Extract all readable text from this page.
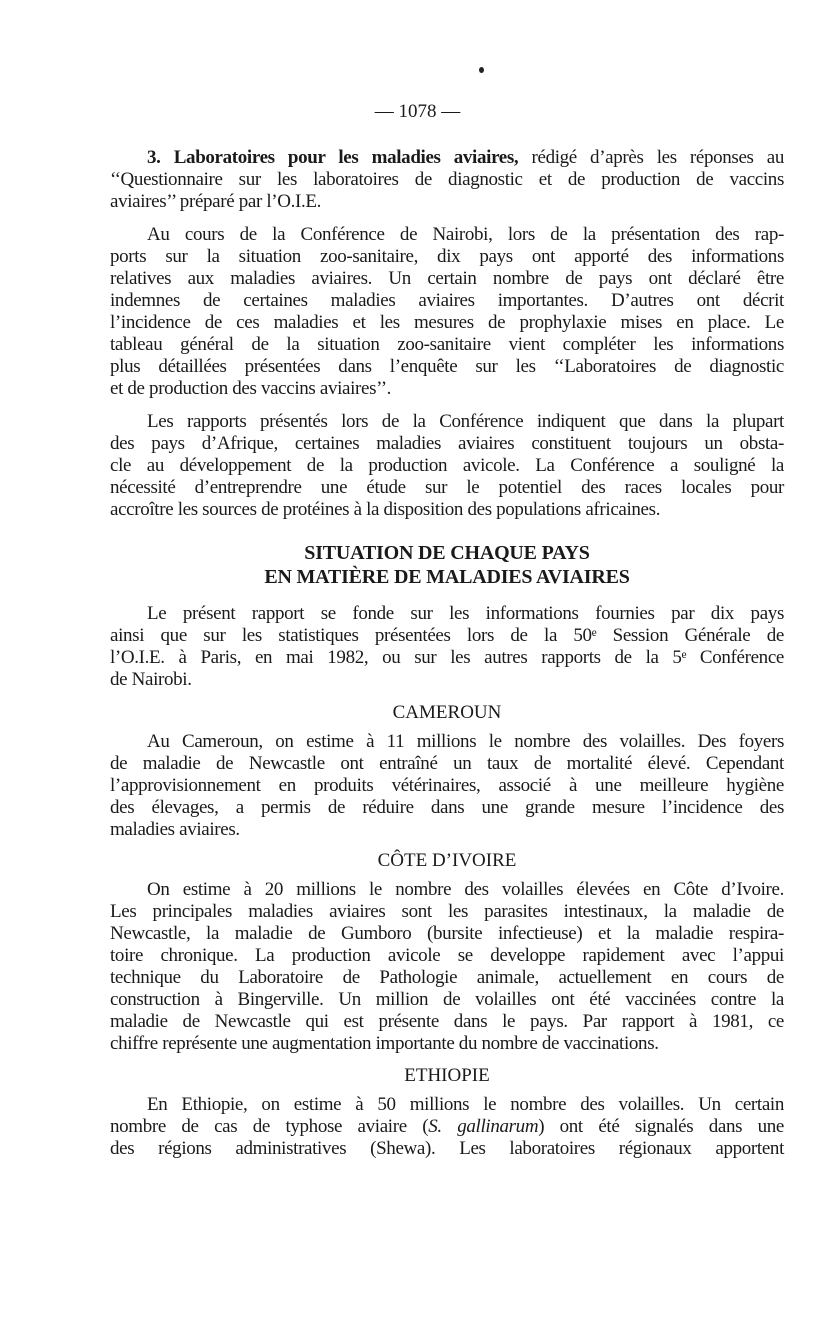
— 1078 —
SITUATION DE CHAQUE PAYS
EN MATIÈRE DE MALADIES AVIAIRES
CAMEROUN
CÔTE D’IVOIRE
ETHIOPIE
3. Laboratoires pour les maladies aviaires, rédigé d’après les réponses au
‘‘Questionnaire sur les laboratoires de diagnostic et de production de vaccins
aviaires’’ préparé par l’O.I.E.
Au cours de la Conférence de Nairobi, lors de la présentation des rap-
ports sur la situation zoo-sanitaire, dix pays ont apporté des informations
relatives aux maladies aviaires. Un certain nombre de pays ont déclaré être
indemnes de certaines maladies aviaires importantes. D’autres ont décrit
l’incidence de ces maladies et les mesures de prophylaxie mises en place. Le
tableau général de la situation zoo-sanitaire vient compléter les informations
plus détaillées présentées dans l’enquête sur les ‘‘Laboratoires de diagnostic
et de production des vaccins aviaires’’.
Les rapports présentés lors de la Conférence indiquent que dans la plupart
des pays d’Afrique, certaines maladies aviaires constituent toujours un obsta-
cle au développement de la production avicole. La Conférence a souligné la
nécessité d’entreprendre une étude sur le potentiel des races locales pour
accroître les sources de protéines à la disposition des populations africaines.
Le présent rapport se fonde sur les informations fournies par dix pays
ainsi que sur les statistiques présentées lors de la 50ᵉ Session Générale de
l’O.I.E. à Paris, en mai 1982, ou sur les autres rapports de la 5ᵉ Conférence
de Nairobi.
Au Cameroun, on estime à 11 millions le nombre des volailles. Des foyers
de maladie de Newcastle ont entraîné un taux de mortalité élevé. Cependant
l’approvisionnement en produits vétérinaires, associé à une meilleure hygiène
des élevages, a permis de réduire dans une grande mesure l’incidence des
maladies aviaires.
On estime à 20 millions le nombre des volailles élevées en Côte d’Ivoire.
Les principales maladies aviaires sont les parasites intestinaux, la maladie de
Newcastle, la maladie de Gumboro (bursite infectieuse) et la maladie respira-
toire chronique. La production avicole se developpe rapidement avec l’appui
technique du Laboratoire de Pathologie animale, actuellement en cours de
construction à Bingerville. Un million de volailles ont été vaccinées contre la
maladie de Newcastle qui est présente dans le pays. Par rapport à 1981, ce
chiffre représente une augmentation importante du nombre de vaccinations.
En Ethiopie, on estime à 50 millions le nombre des volailles. Un certain
nombre de cas de typhose aviaire (S. gallinarum) ont été signalés dans une
des régions administratives (Shewa). Les laboratoires régionaux apportent
